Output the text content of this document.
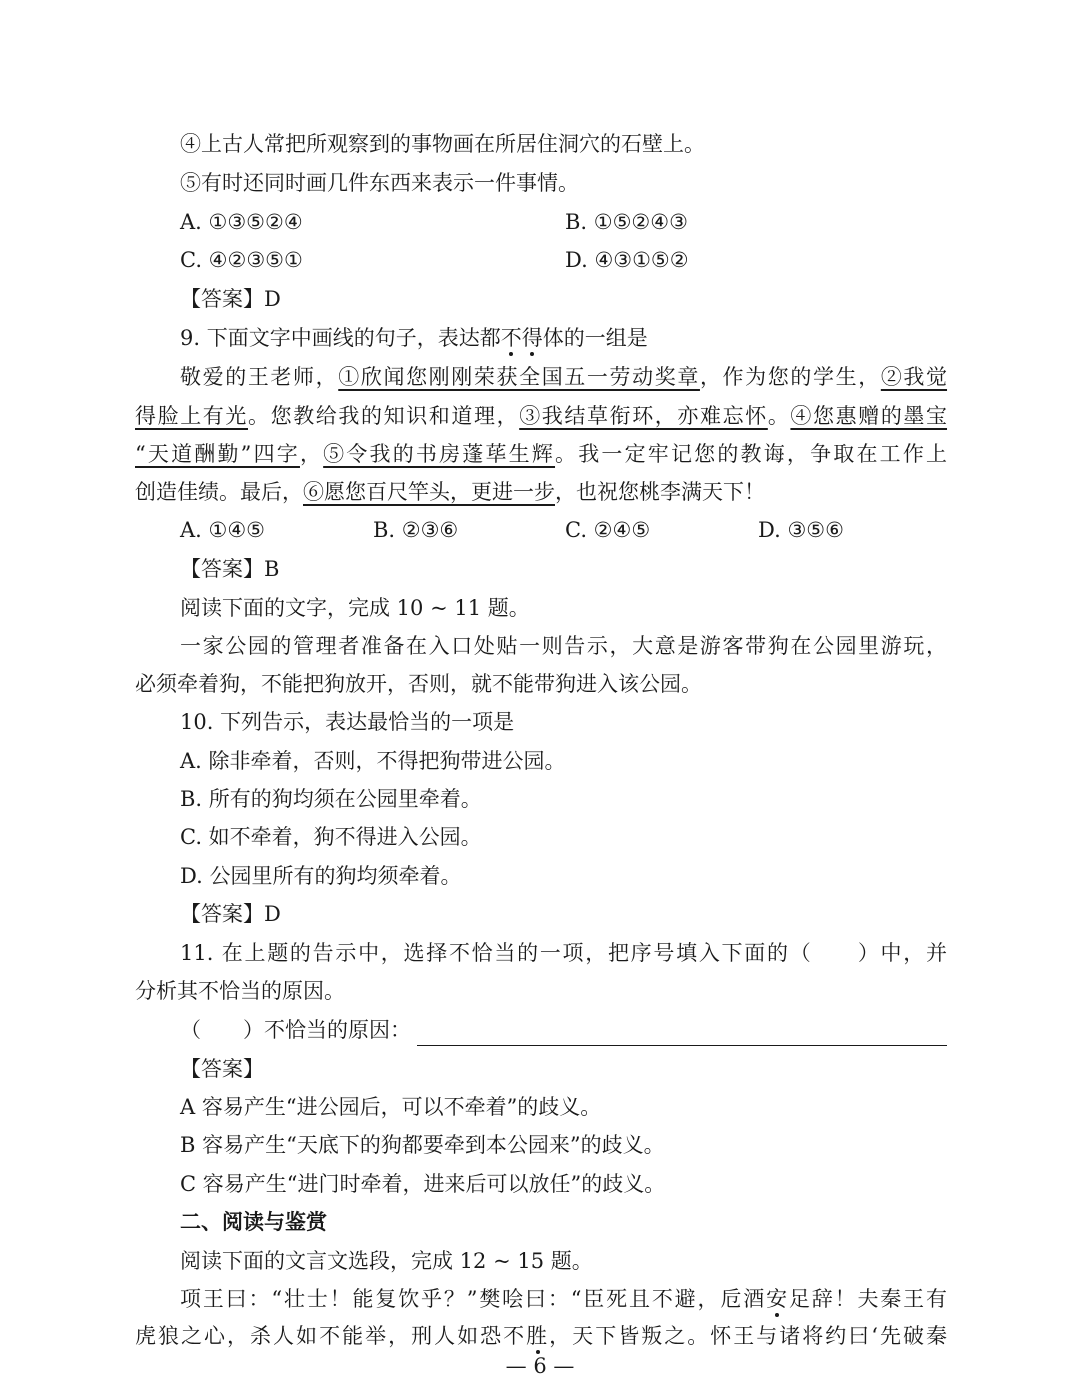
④上古人常把所观察到的事物画在所居住洞穴的石壁上。
⑤有时还同时画几件东西来表示一件事情。
A. ①③⑤②④	B. ①⑤②④③
C. ④②③⑤①	D. ④③①⑤②
【答案】D
9. 下面文字中画线的句子，表达都不得体的一组是
敬爱的王老师，①欣闻您刚刚荣获全国五一劳动奖章，作为您的学生，②我觉
得脸上有光。您教给我的知识和道理，③我结草衔环，亦难忘怀。④您惠赠的墨宝
“天道酬勤”四字，⑤令我的书房蓬荜生辉。我一定牢记您的教诲，争取在工作上
创造佳绩。最后，⑥愿您百尺竿头，更进一步，也祝您桃李满天下！
A. ①④⑤	B. ②③⑥	C. ②④⑤	D. ③⑤⑥
【答案】B
阅读下面的文字，完成 10 ~ 11 题。
一家公园的管理者准备在入口处贴一则告示，大意是游客带狗在公园里游玩，
必须牵着狗，不能把狗放开，否则，就不能带狗进入该公园。
10. 下列告示，表达最恰当的一项是
A. 除非牵着，否则，不得把狗带进公园。
B. 所有的狗均须在公园里牵着。
C. 如不牵着，狗不得进入公园。
D. 公园里所有的狗均须牵着。
【答案】D
11. 在上题的告示中，选择不恰当的一项，把序号填入下面的（　　）中，并
分析其不恰当的原因。
（　　）不恰当的原因：
【答案】
A 容易产生“进公园后，可以不牵着”的歧义。
B 容易产生“天底下的狗都要牵到本公园来”的歧义。
C 容易产生“进门时牵着，进来后可以放任”的歧义。
二、阅读与鉴赏
阅读下面的文言文选段，完成 12 ~ 15 题。
项王曰：“壮士！能复饮乎？”樊哙曰：“臣死且不避，卮酒安足辞！夫秦王有
虎狼之心，杀人如不能举，刑人如恐不胜，天下皆叛之。怀王与诸将约曰‘先破秦
— 6 —
